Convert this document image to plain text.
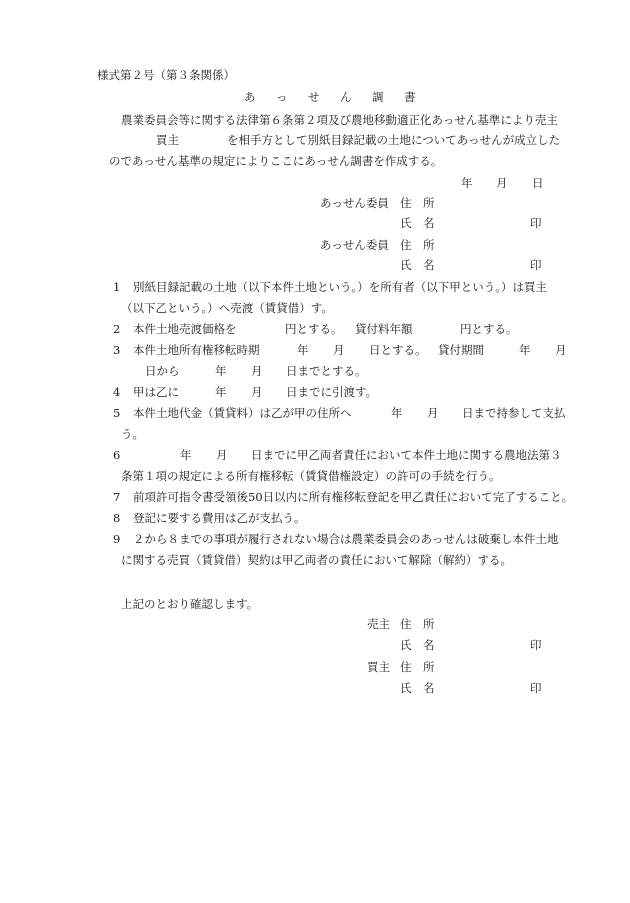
様式第２号（第３条関係）
あ っ せ ん 調 書
農業委員会等に関する法律第６条第２項及び農地移動適正化あっせん基準により売主
買主	を相手方として別紙目録記載の土地についてあっせんが成立した
のであっせん基準の規定によりここにあっせん調書を作成する。
年 月 日
あっせん委員 住　所
氏　名	印
あっせん委員 住　所
氏　名	印
1 別紙目録記載の土地（以下本件土地という。）を所有者（以下甲という。）は買主
（以下乙という。）へ売渡（賃貸借）す。
2 本件土地売渡価格を	円とする。 貸付料年額	円とする。
3 本件土地所有権移転時期	年 月 日とする。 貸付期間	年 月
日から	年 月 日までとする。
4 甲は乙に	年 月 日までに引渡す。
5 本件土地代金（賃貸料）は乙が甲の住所へ	年 月 日まで持参して支払
う。
6	年 月 日までに甲乙両者責任において本件土地に関する農地法第３
条第１項の規定による所有権移転（賃貸借権設定）の許可の手続を行う。
7 前項許可指令書受領後50日以内に所有権移転登記を甲乙責任において完了すること。
8 登記に要する費用は乙が支払う。
9 ２から８までの事項が履行されない場合は農業委員会のあっせんは破棄し本件土地
に関する売買（賃貸借）契約は甲乙両者の責任において解除（解約）する。
上記のとおり確認します。
売主 住　所
氏　名	印
買主 住　所
氏　名	印
